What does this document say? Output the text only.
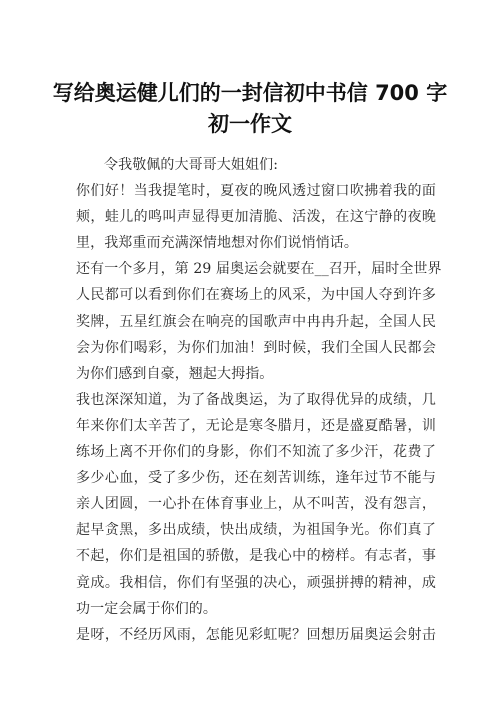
写给奥运健儿们的一封信初中书信 700 字
初一作文
令我敬佩的大哥哥大姐姐们:
你们好！当我提笔时，夏夜的晚风透过窗口吹拂着我的面
颊，蛙儿的鸣叫声显得更加清脆、活泼，在这宁静的夜晚
里，我郑重而充满深情地想对你们说悄悄话。
还有一个多月，第 29 届奥运会就要在__召开，届时全世界
人民都可以看到你们在赛场上的风采，为中国人夺到许多
奖牌，五星红旗会在响亮的国歌声中冉冉升起，全国人民
会为你们喝彩，为你们加油！到时候，我们全国人民都会
为你们感到自豪，翘起大拇指。
我也深深知道，为了备战奥运，为了取得优异的成绩，几
年来你们太辛苦了，无论是寒冬腊月，还是盛夏酷暑，训
练场上离不开你们的身影，你们不知流了多少汗，花费了
多少心血，受了多少伤，还在刻苦训练，逢年过节不能与
亲人团圆，一心扑在体育事业上，从不叫苦，没有怨言，
起早贪黑，多出成绩，快出成绩，为祖国争光。你们真了
不起，你们是祖国的骄傲，是我心中的榜样。有志者，事
竟成。我相信，你们有坚强的决心，顽强拼搏的精神，成
功一定会属于你们的。
是呀，不经历风雨，怎能见彩虹呢？回想历届奥运会射击
